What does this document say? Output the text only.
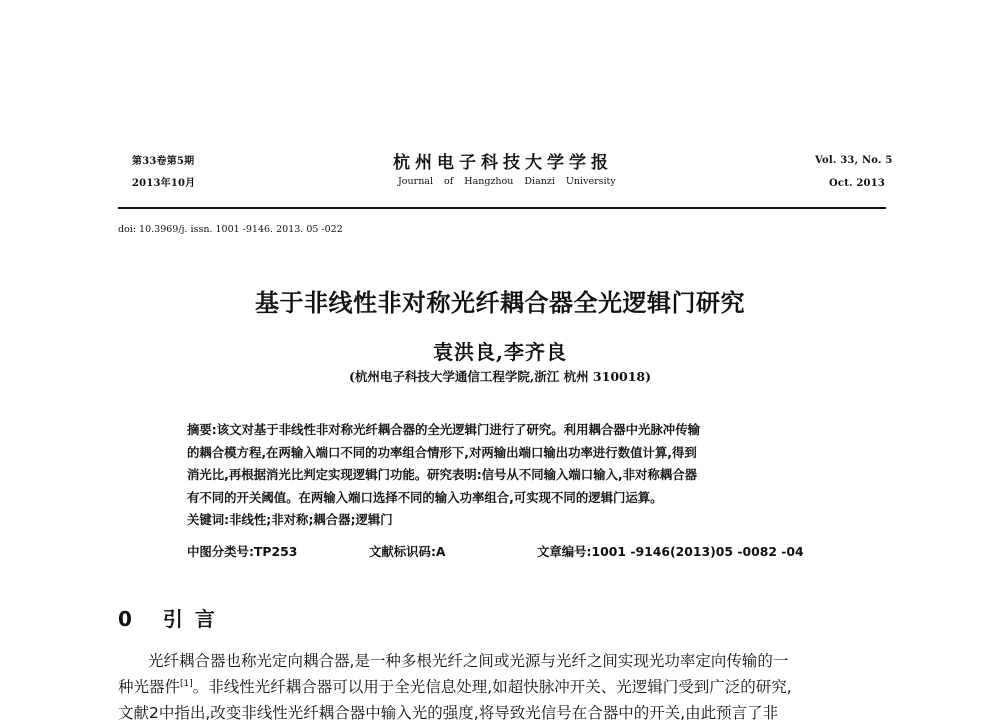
第33卷第5期
2013年10月
杭州电子科技大学学报
Journal of Hangzhou Dianzi University
Vol. 33, No. 5
Oct. 2013
doi: 10.3969/j. issn. 1001 -9146. 2013. 05 -022
基于非线性非对称光纤耦合器全光逻辑门研究
袁洪良,李齐良
(杭州电子科技大学通信工程学院,浙江 杭州 310018)
摘要:该文对基于非线性非对称光纤耦合器的全光逻辑门进行了研究。利用耦合器中光脉冲传输
的耦合模方程,在两输入端口不同的功率组合情形下,对两输出端口输出功率进行数值计算,得到
消光比,再根据消光比判定实现逻辑门功能。研究表明:信号从不同输入端口输入,非对称耦合器
有不同的开关阈值。在两输入端口选择不同的输入功率组合,可实现不同的逻辑门运算。
关键词:非线性;非对称;耦合器;逻辑门
中图分类号:TP253	文献标识码:A	文章编号:1001 -9146(2013)05 -0082 -04
0 引言
光纤耦合器也称光定向耦合器,是一种多根光纤之间或光源与光纤之间实现光功率定向传输的一
种光器件[1]。非线性光纤耦合器可以用于全光信息处理,如超快脉冲开关、光逻辑门受到广泛的研究,
文献2中指出,改变非线性光纤耦合器中输入光的强度,将导致光信号在合器中的开关,由此预言了非
